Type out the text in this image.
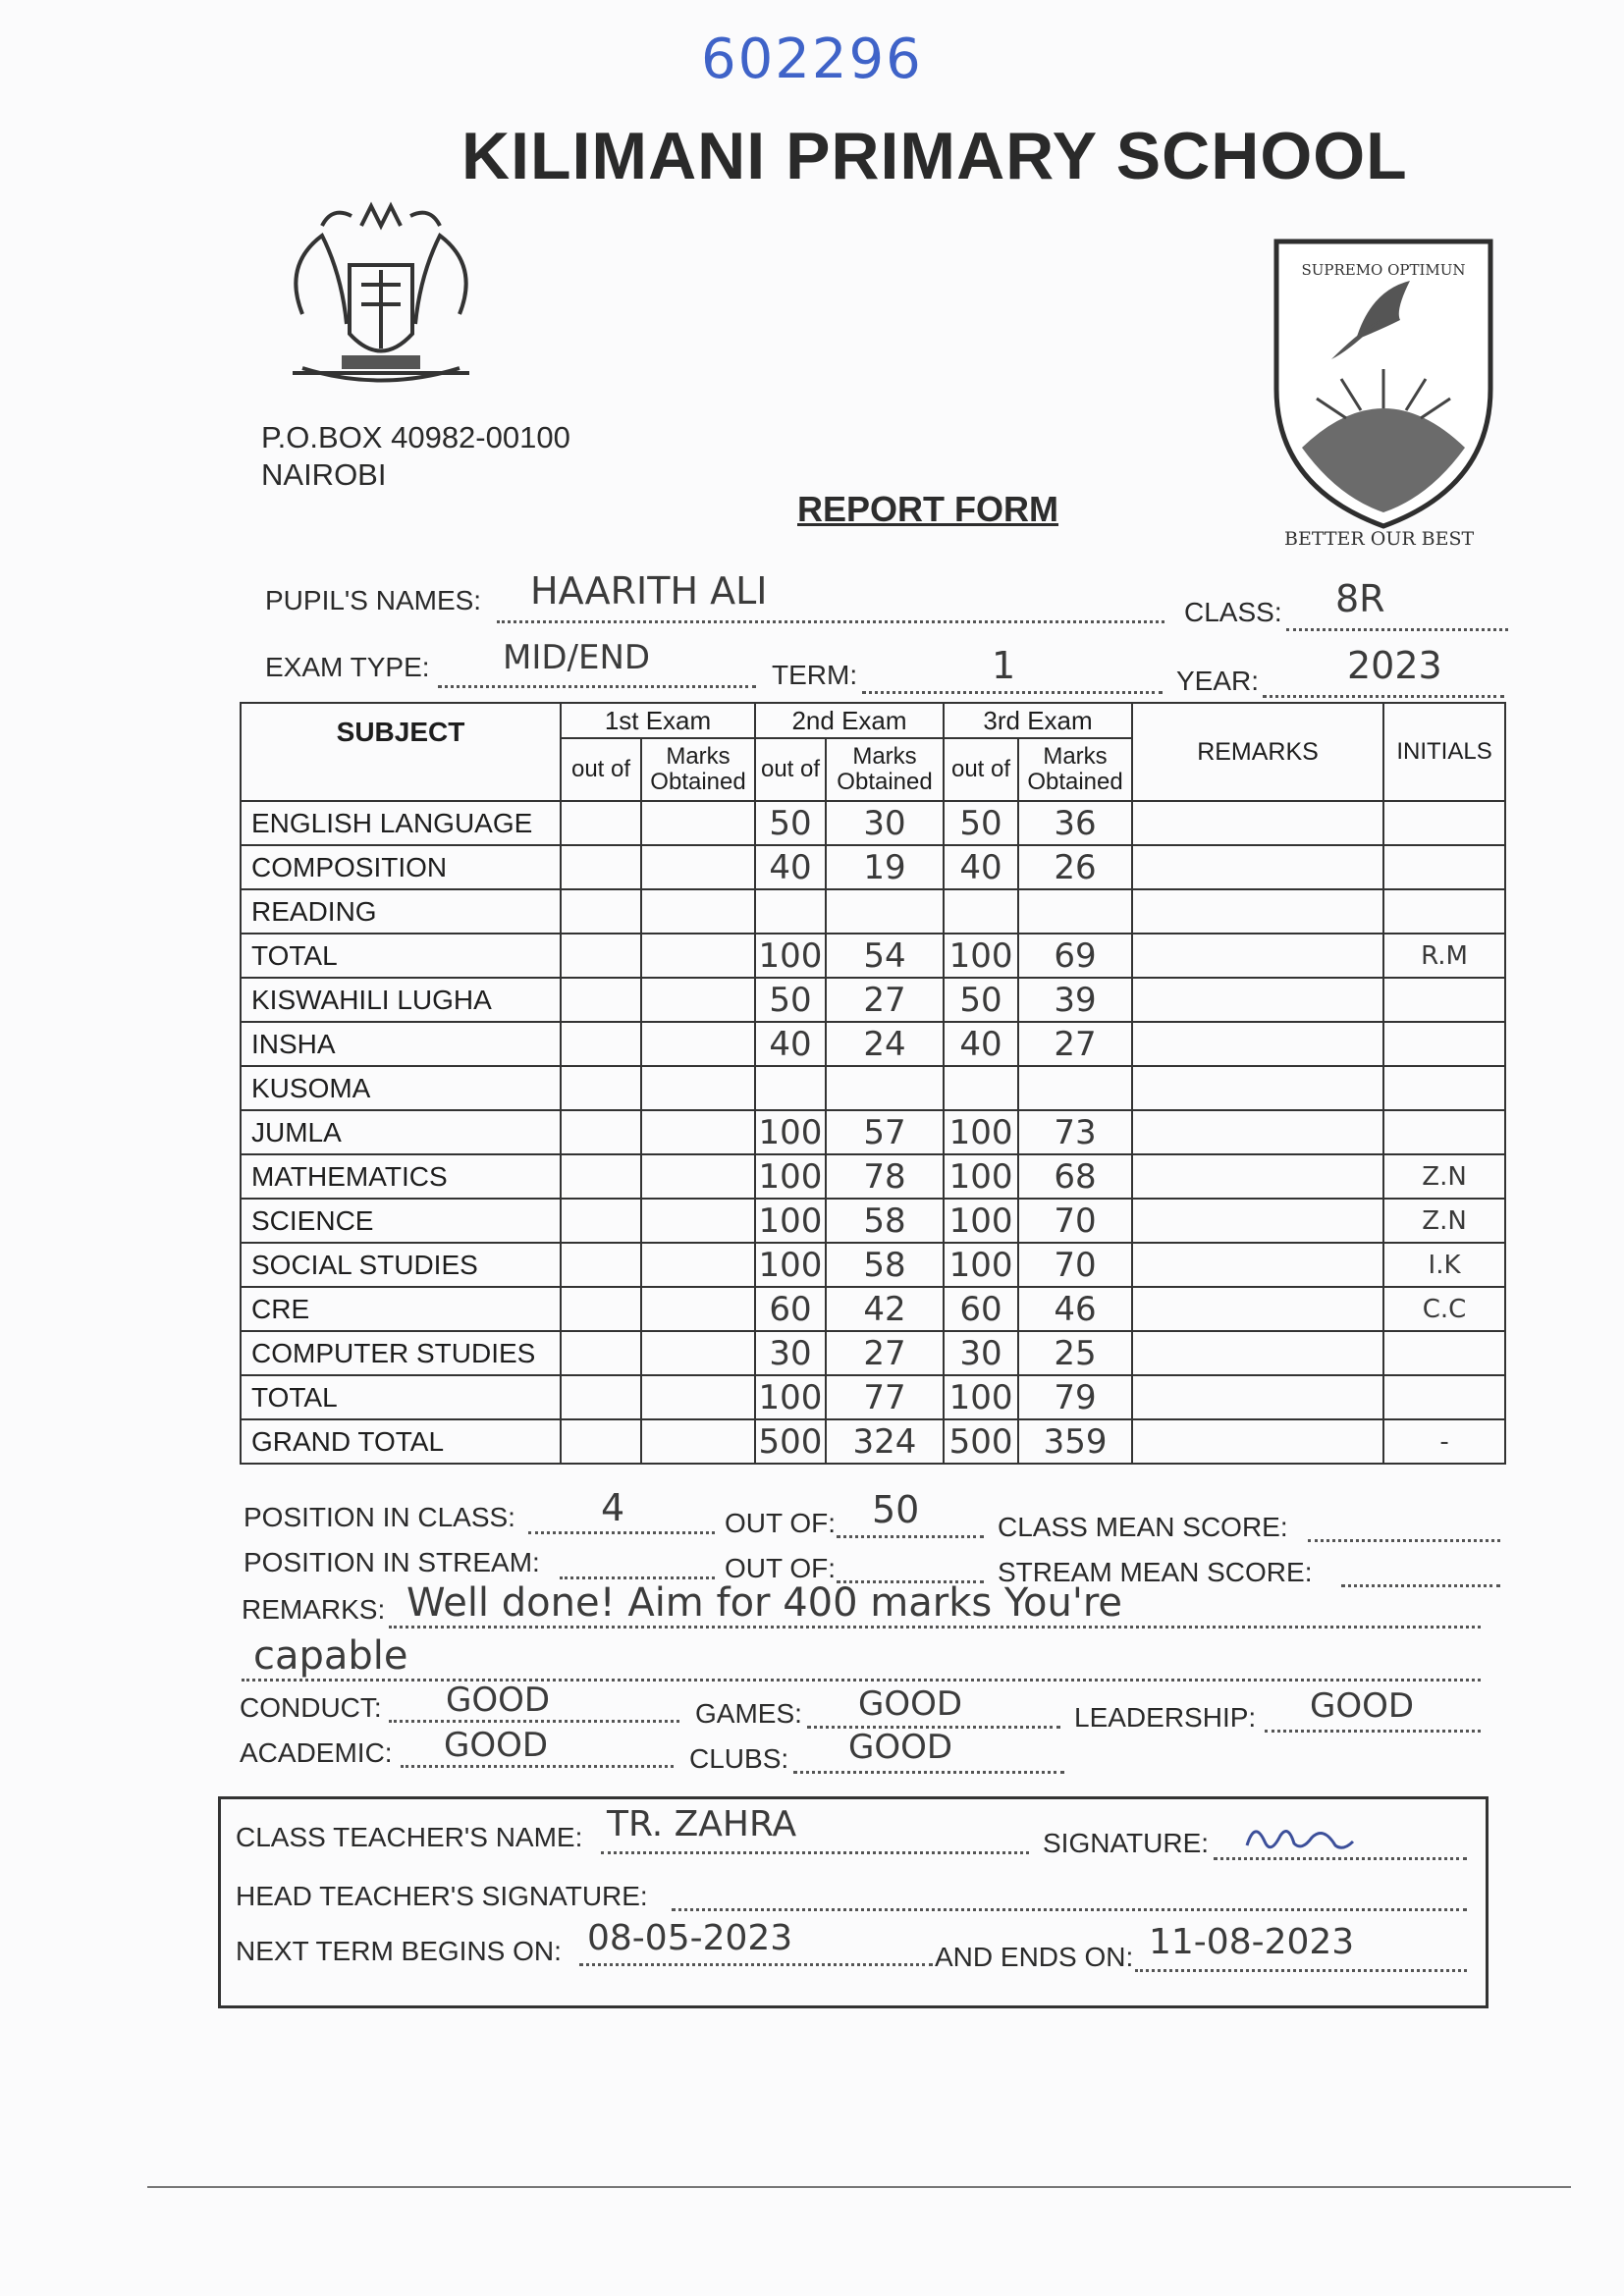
602296
KILIMANI PRIMARY SCHOOL
SUPREMO OPTIMUN
BETTER OUR BEST
P.O.BOX 40982-00100
NAIROBI
REPORT FORM
PUPIL'S NAMES: HAARITH ALI	CLASS: 8R
EXAM TYPE: MID/END	TERM:	1	YEAR: 2023
SUBJECT	1st Exam		2nd Exam		3rd Exam		REMARKS	INITIALS
	out of	Marks Obtained	out of	Marks Obtained	out of	Marks Obtained		
ENGLISH LANGUAGE			50	30	50	36		
COMPOSITION			40	19	40	26		
READING								
TOTAL			100	54	100	69		R.M
KISWAHILI LUGHA			50	27	50	39		
INSHA			40	24	40	27		
KUSOMA								
JUMLA			100	57	100	73		
MATHEMATICS			100	78	100	68		Z.N
SCIENCE			100	58	100	70		Z.N
SOCIAL STUDIES			100	58	100	70		I.K
CRE			60	42	60	46		C.C
COMPUTER STUDIES			30	27	30	25		
TOTAL			100	77	100	79		
GRAND TOTAL			500	324	500	359		-
POSITION IN CLASS: 4	OUT OF: 50	CLASS MEAN SCORE:
POSITION IN STREAM:	OUT OF:	STREAM MEAN SCORE:
REMARKS: Well done! Aim for 400 marks You're
capable
CONDUCT: GOOD	GAMES: GOOD	LEADERSHIP: GOOD
ACADEMIC: GOOD	CLUBS: GOOD
CLASS TEACHER'S NAME: TR. ZAHRA	SIGNATURE:
HEAD TEACHER'S SIGNATURE:
NEXT TERM BEGINS ON: 08-05-2023	AND ENDS ON: 11-08-2023
